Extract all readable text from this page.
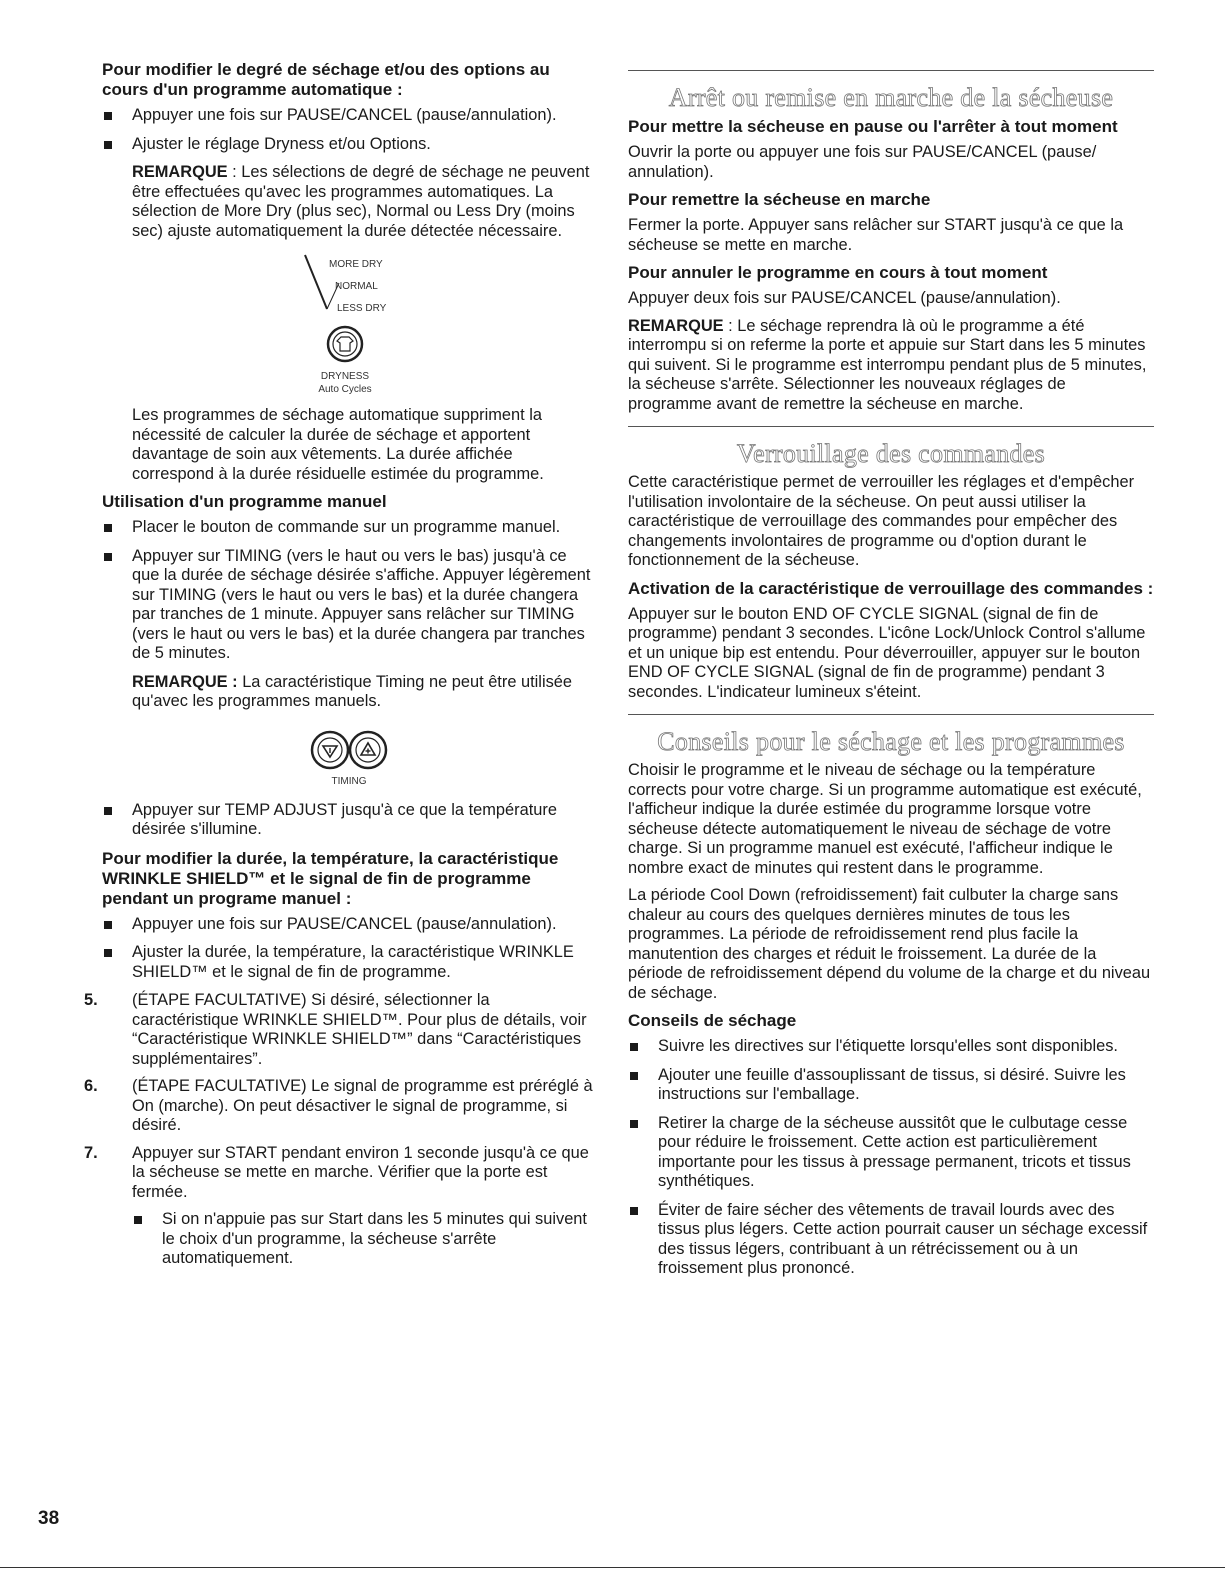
Pour modifier le degré de séchage et/ou des options au cours d'un programme automatique :
Appuyer une fois sur PAUSE/CANCEL (pause/annulation).
Ajuster le réglage Dryness et/ou Options.
REMARQUE : Les sélections de degré de séchage ne peuvent être effectuées qu'avec les programmes automatiques. La sélection de More Dry (plus sec), Normal ou Less Dry (moins sec) ajuste automatiquement la durée détectée nécessaire.
MORE DRY
NORMAL
LESS DRY
DRYNESS
Auto Cycles

Les programmes de séchage automatique suppriment la nécessité de calculer la durée de séchage et apportent davantage de soin aux vêtements. La durée affichée correspond à la durée résiduelle estimée du programme.

Utilisation d'un programme manuel
Placer le bouton de commande sur un programme manuel.
Appuyer sur TIMING (vers le haut ou vers le bas) jusqu'à ce que la durée de séchage désirée s'affiche. Appuyer légèrement sur TIMING (vers le haut ou vers le bas) et la durée changera par tranches de 1 minute. Appuyer sans relâcher sur TIMING (vers le haut ou vers le bas) et la durée changera par tranches de 5 minutes.
REMARQUE : La caractéristique Timing ne peut être utilisée qu'avec les programmes manuels.
TIMING
Appuyer sur TEMP ADJUST jusqu'à ce que la température désirée s'illumine.
Pour modifier la durée, la température, la caractéristique WRINKLE SHIELD™ et le signal de fin de programme pendant un programe manuel :
Appuyer une fois sur PAUSE/CANCEL (pause/annulation).
Ajuster la durée, la température, la caractéristique WRINKLE SHIELD™ et le signal de fin de programme.
5. (ÉTAPE FACULTATIVE) Si désiré, sélectionner la caractéristique WRINKLE SHIELD™. Pour plus de détails, voir “Caractéristique WRINKLE SHIELD™” dans “Caractéristiques supplémentaires”.
6. (ÉTAPE FACULTATIVE) Le signal de programme est préréglé à On (marche). On peut désactiver le signal de programme, si désiré.
7. Appuyer sur START pendant environ 1 seconde jusqu'à ce que la sécheuse se mette en marche. Vérifier que la porte est fermée.
Si on n'appuie pas sur Start dans les 5 minutes qui suivent le choix d'un programme, la sécheuse s'arrête automatiquement.
Arrêt ou remise en marche de la sécheuse
Pour mettre la sécheuse en pause ou l'arrêter à tout moment

Ouvrir la porte ou appuyer une fois sur PAUSE/CANCEL (pause/ annulation).

Pour remettre la sécheuse en marche

Fermer la porte. Appuyer sans relâcher sur START jusqu'à ce que la sécheuse se mette en marche.

Pour annuler le programme en cours à tout moment

Appuyer deux fois sur PAUSE/CANCEL (pause/annulation).

REMARQUE : Le séchage reprendra là où le programme a été interrompu si on referme la porte et appuie sur Start dans les 5 minutes qui suivent. Si le programme est interrompu pendant plus de 5 minutes, la sécheuse s'arrête. Sélectionner les nouveaux réglages de programme avant de remettre la sécheuse en marche.

Verrouillage des commandes

Cette caractéristique permet de verrouiller les réglages et d'empêcher l'utilisation involontaire de la sécheuse. On peut aussi utiliser la caractéristique de verrouillage des commandes pour empêcher des changements involontaires de programme ou d'option durant le fonctionnement de la sécheuse.

Activation de la caractéristique de verrouillage des commandes :

Appuyer sur le bouton END OF CYCLE SIGNAL (signal de fin de programme) pendant 3 secondes. L'icône Lock/Unlock Control s'allume et un unique bip est entendu. Pour déverrouiller, appuyer sur le bouton END OF CYCLE SIGNAL (signal de fin de programme) pendant 3 secondes. L'indicateur lumineux s'éteint.

Conseils pour le séchage et les programmes

Choisir le programme et le niveau de séchage ou la température corrects pour votre charge. Si un programme automatique est exécuté, l'afficheur indique la durée estimée du programme lorsque votre sécheuse détecte automatiquement le niveau de séchage de votre charge. Si un programme manuel est exécuté, l'afficheur indique le nombre exact de minutes qui restent dans le programme.

La période Cool Down (refroidissement) fait culbuter la charge sans chaleur au cours des quelques dernières minutes de tous les programmes. La période de refroidissement rend plus facile la manutention des charges et réduit le froissement. La durée de la période de refroidissement dépend du volume de la charge et du niveau de séchage.

Conseils de séchage
Suivre les directives sur l'étiquette lorsqu'elles sont disponibles.
Ajouter une feuille d'assouplissant de tissus, si désiré. Suivre les instructions sur l'emballage.
Retirer la charge de la sécheuse aussitôt que le culbutage cesse pour réduire le froissement. Cette action est particulièrement importante pour les tissus à pressage permanent, tricots et tissus synthétiques.
Éviter de faire sécher des vêtements de travail lourds avec des tissus plus légers. Cette action pourrait causer un séchage excessif des tissus légers, contribuant à un rétrécissement ou à un froissement plus prononcé.
38
